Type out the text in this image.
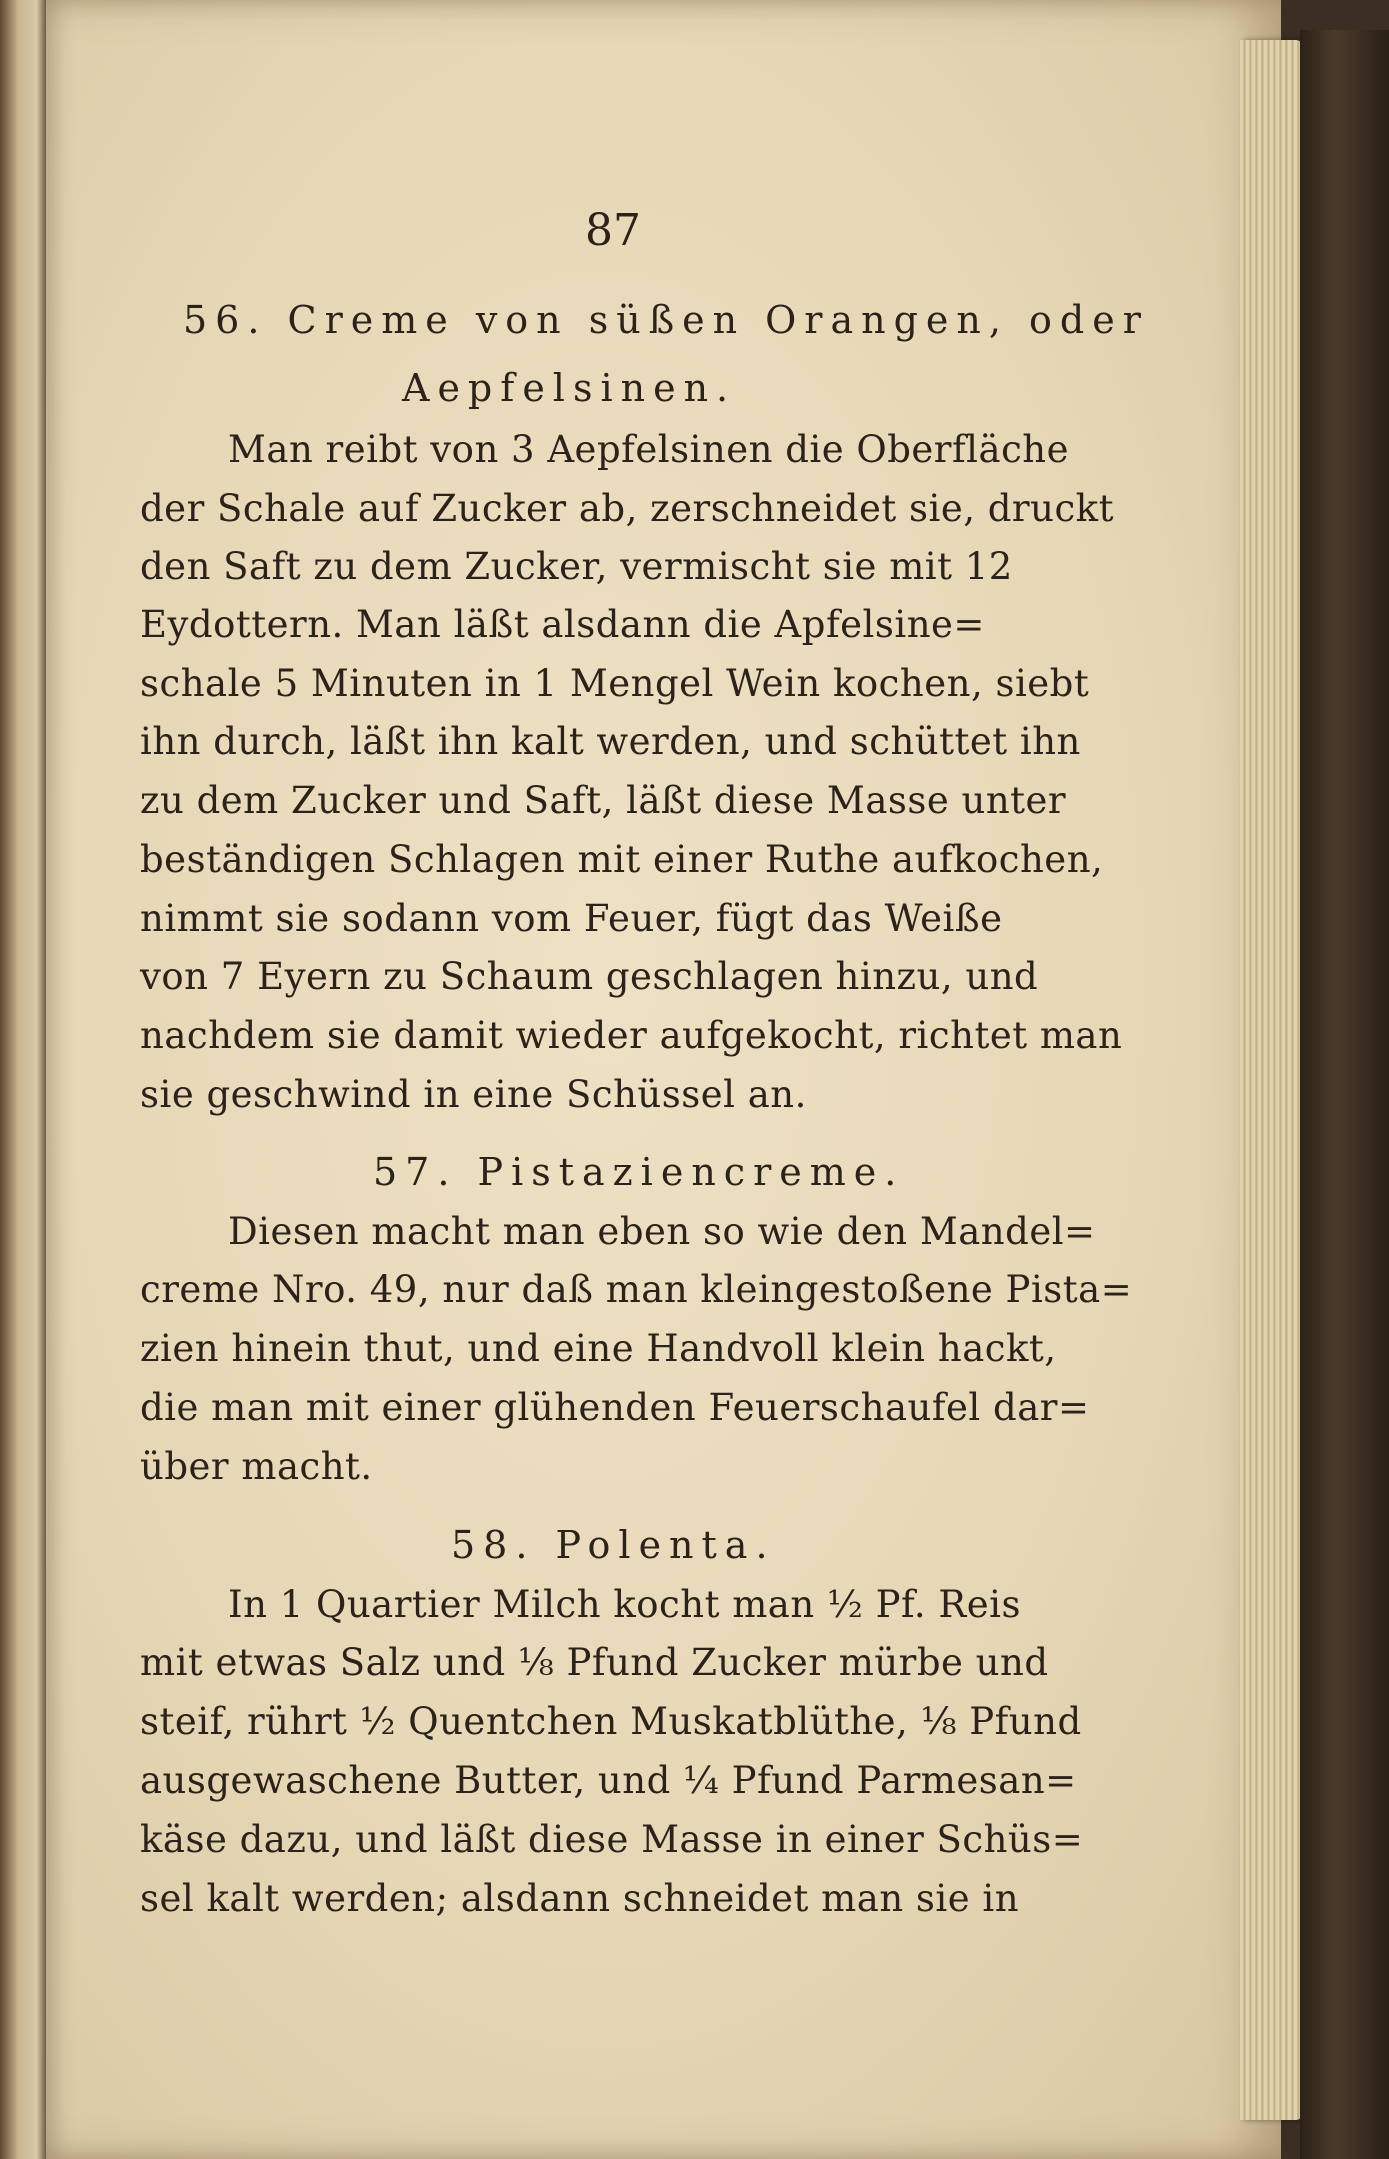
87
56. Creme von süßen Orangen, oder
Aepfelsinen.
Man reibt von 3 Aepfelsinen die Oberfläche
der Schale auf Zucker ab, zerschneidet sie, druckt
den Saft zu dem Zucker, vermischt sie mit 12
Eydottern. Man läßt alsdann die Apfelsine=
schale 5 Minuten in 1 Mengel Wein kochen, siebt
ihn durch, läßt ihn kalt werden, und schüttet ihn
zu dem Zucker und Saft, läßt diese Masse unter
beständigen Schlagen mit einer Ruthe aufkochen,
nimmt sie sodann vom Feuer, fügt das Weiße
von 7 Eyern zu Schaum geschlagen hinzu, und
nachdem sie damit wieder aufgekocht, richtet man
sie geschwind in eine Schüssel an.
57. Pistaziencreme.
Diesen macht man eben so wie den Mandel=
creme Nro. 49, nur daß man kleingestoßene Pista=
zien hinein thut, und eine Handvoll klein hackt,
die man mit einer glühenden Feuerschaufel dar=
über macht.
58. Polenta.
In 1 Quartier Milch kocht man ½ Pf. Reis
mit etwas Salz und ⅛ Pfund Zucker mürbe und
steif, rührt ½ Quentchen Muskatblüthe, ⅛ Pfund
ausgewaschene Butter, und ¼ Pfund Parmesan=
käse dazu, und läßt diese Masse in einer Schüs=
sel kalt werden; alsdann schneidet man sie in
